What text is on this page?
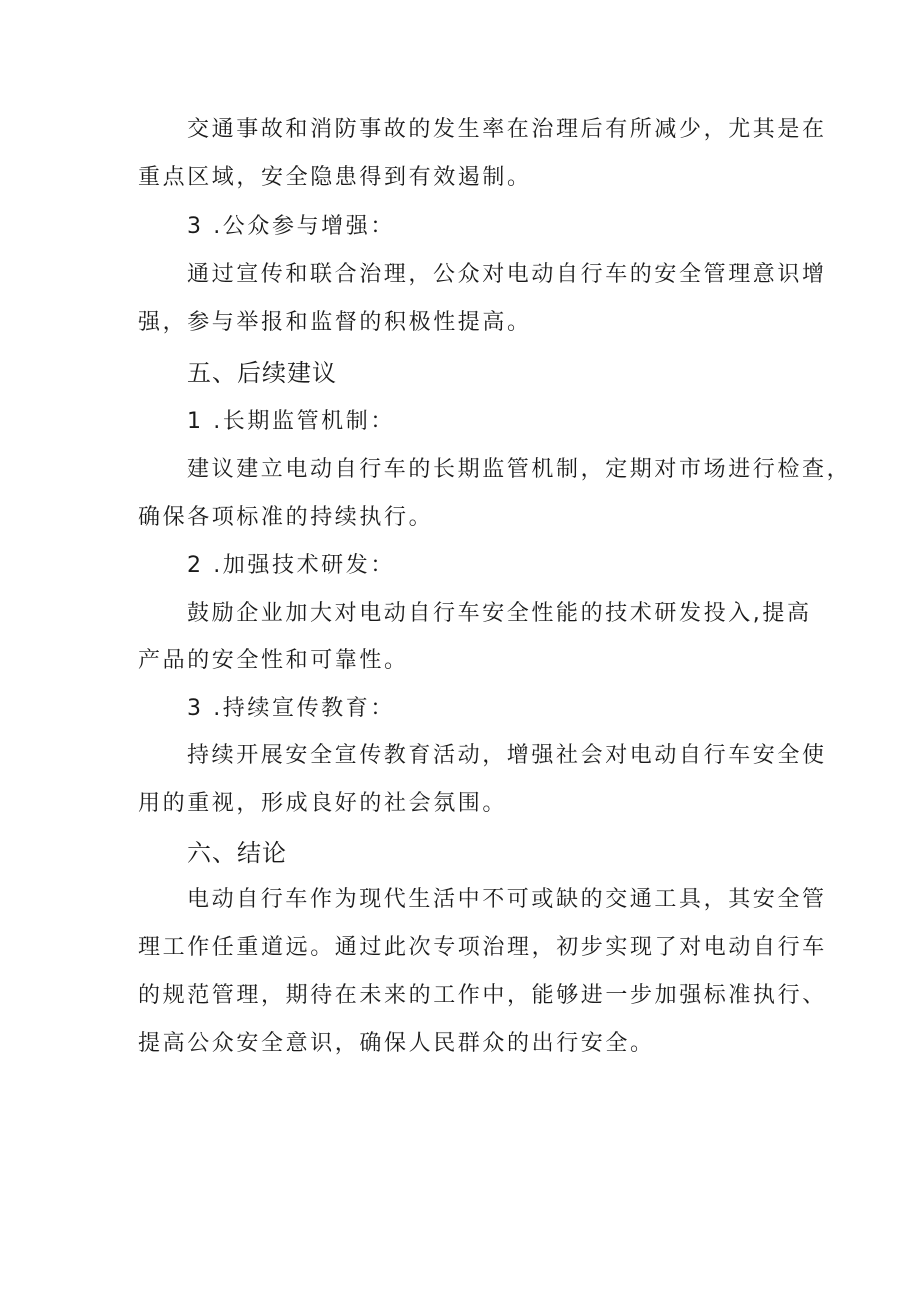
交通事故和消防事故的发生率在治理后有所减少，尤其是在
重点区域，安全隐患得到有效遏制。
3 .公众参与增强：
通过宣传和联合治理，公众对电动自行车的安全管理意识增
强，参与举报和监督的积极性提高。
五、后续建议
1 .长期监管机制：
建议建立电动自行车的长期监管机制，定期对市场进行检查，
确保各项标准的持续执行。
2 .加强技术研发：
鼓励企业加大对电动自行车安全性能的技术研发投入,提高
产品的安全性和可靠性。
3 .持续宣传教育：
持续开展安全宣传教育活动，增强社会对电动自行车安全使
用的重视，形成良好的社会氛围。
六、结论
电动自行车作为现代生活中不可或缺的交通工具，其安全管
理工作任重道远。通过此次专项治理，初步实现了对电动自行车
的规范管理，期待在未来的工作中，能够进一步加强标准执行、
提高公众安全意识，确保人民群众的出行安全。
